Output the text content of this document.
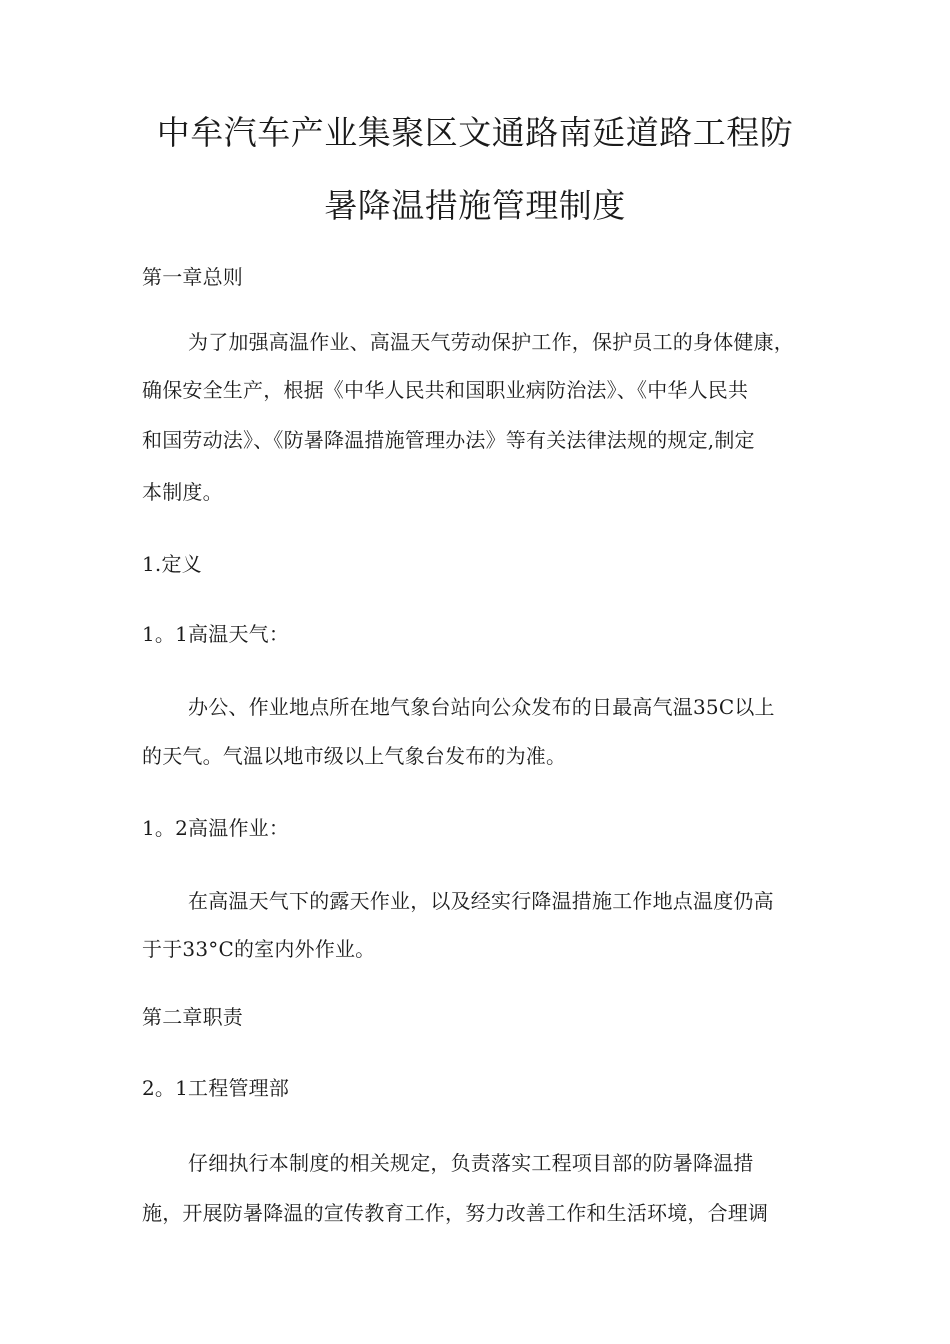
中牟汽车产业集聚区文通路南延道路工程防
暑降温措施管理制度
第一章总则
为了加强高温作业、高温天气劳动保护工作，保护员工的身体健康，
确保安全生产，根据《中华人民共和国职业病防治法》、《中华人民共
和国劳动法》、《防暑降温措施管理办法》等有关法律法规的规定,制定
本制度。
1.定义
1。1高温天气：
办公、作业地点所在地气象台站向公众发布的日最高气温35C以上
的天气。气温以地市级以上气象台发布的为准。
1。2高温作业：
在高温天气下的露天作业，以及经实行降温措施工作地点温度仍高
于于33°C的室内外作业。
第二章职责
2。1工程管理部
仔细执行本制度的相关规定，负责落实工程项目部的防暑降温措
施，开展防暑降温的宣传教育工作，努力改善工作和生活环境，合理调
